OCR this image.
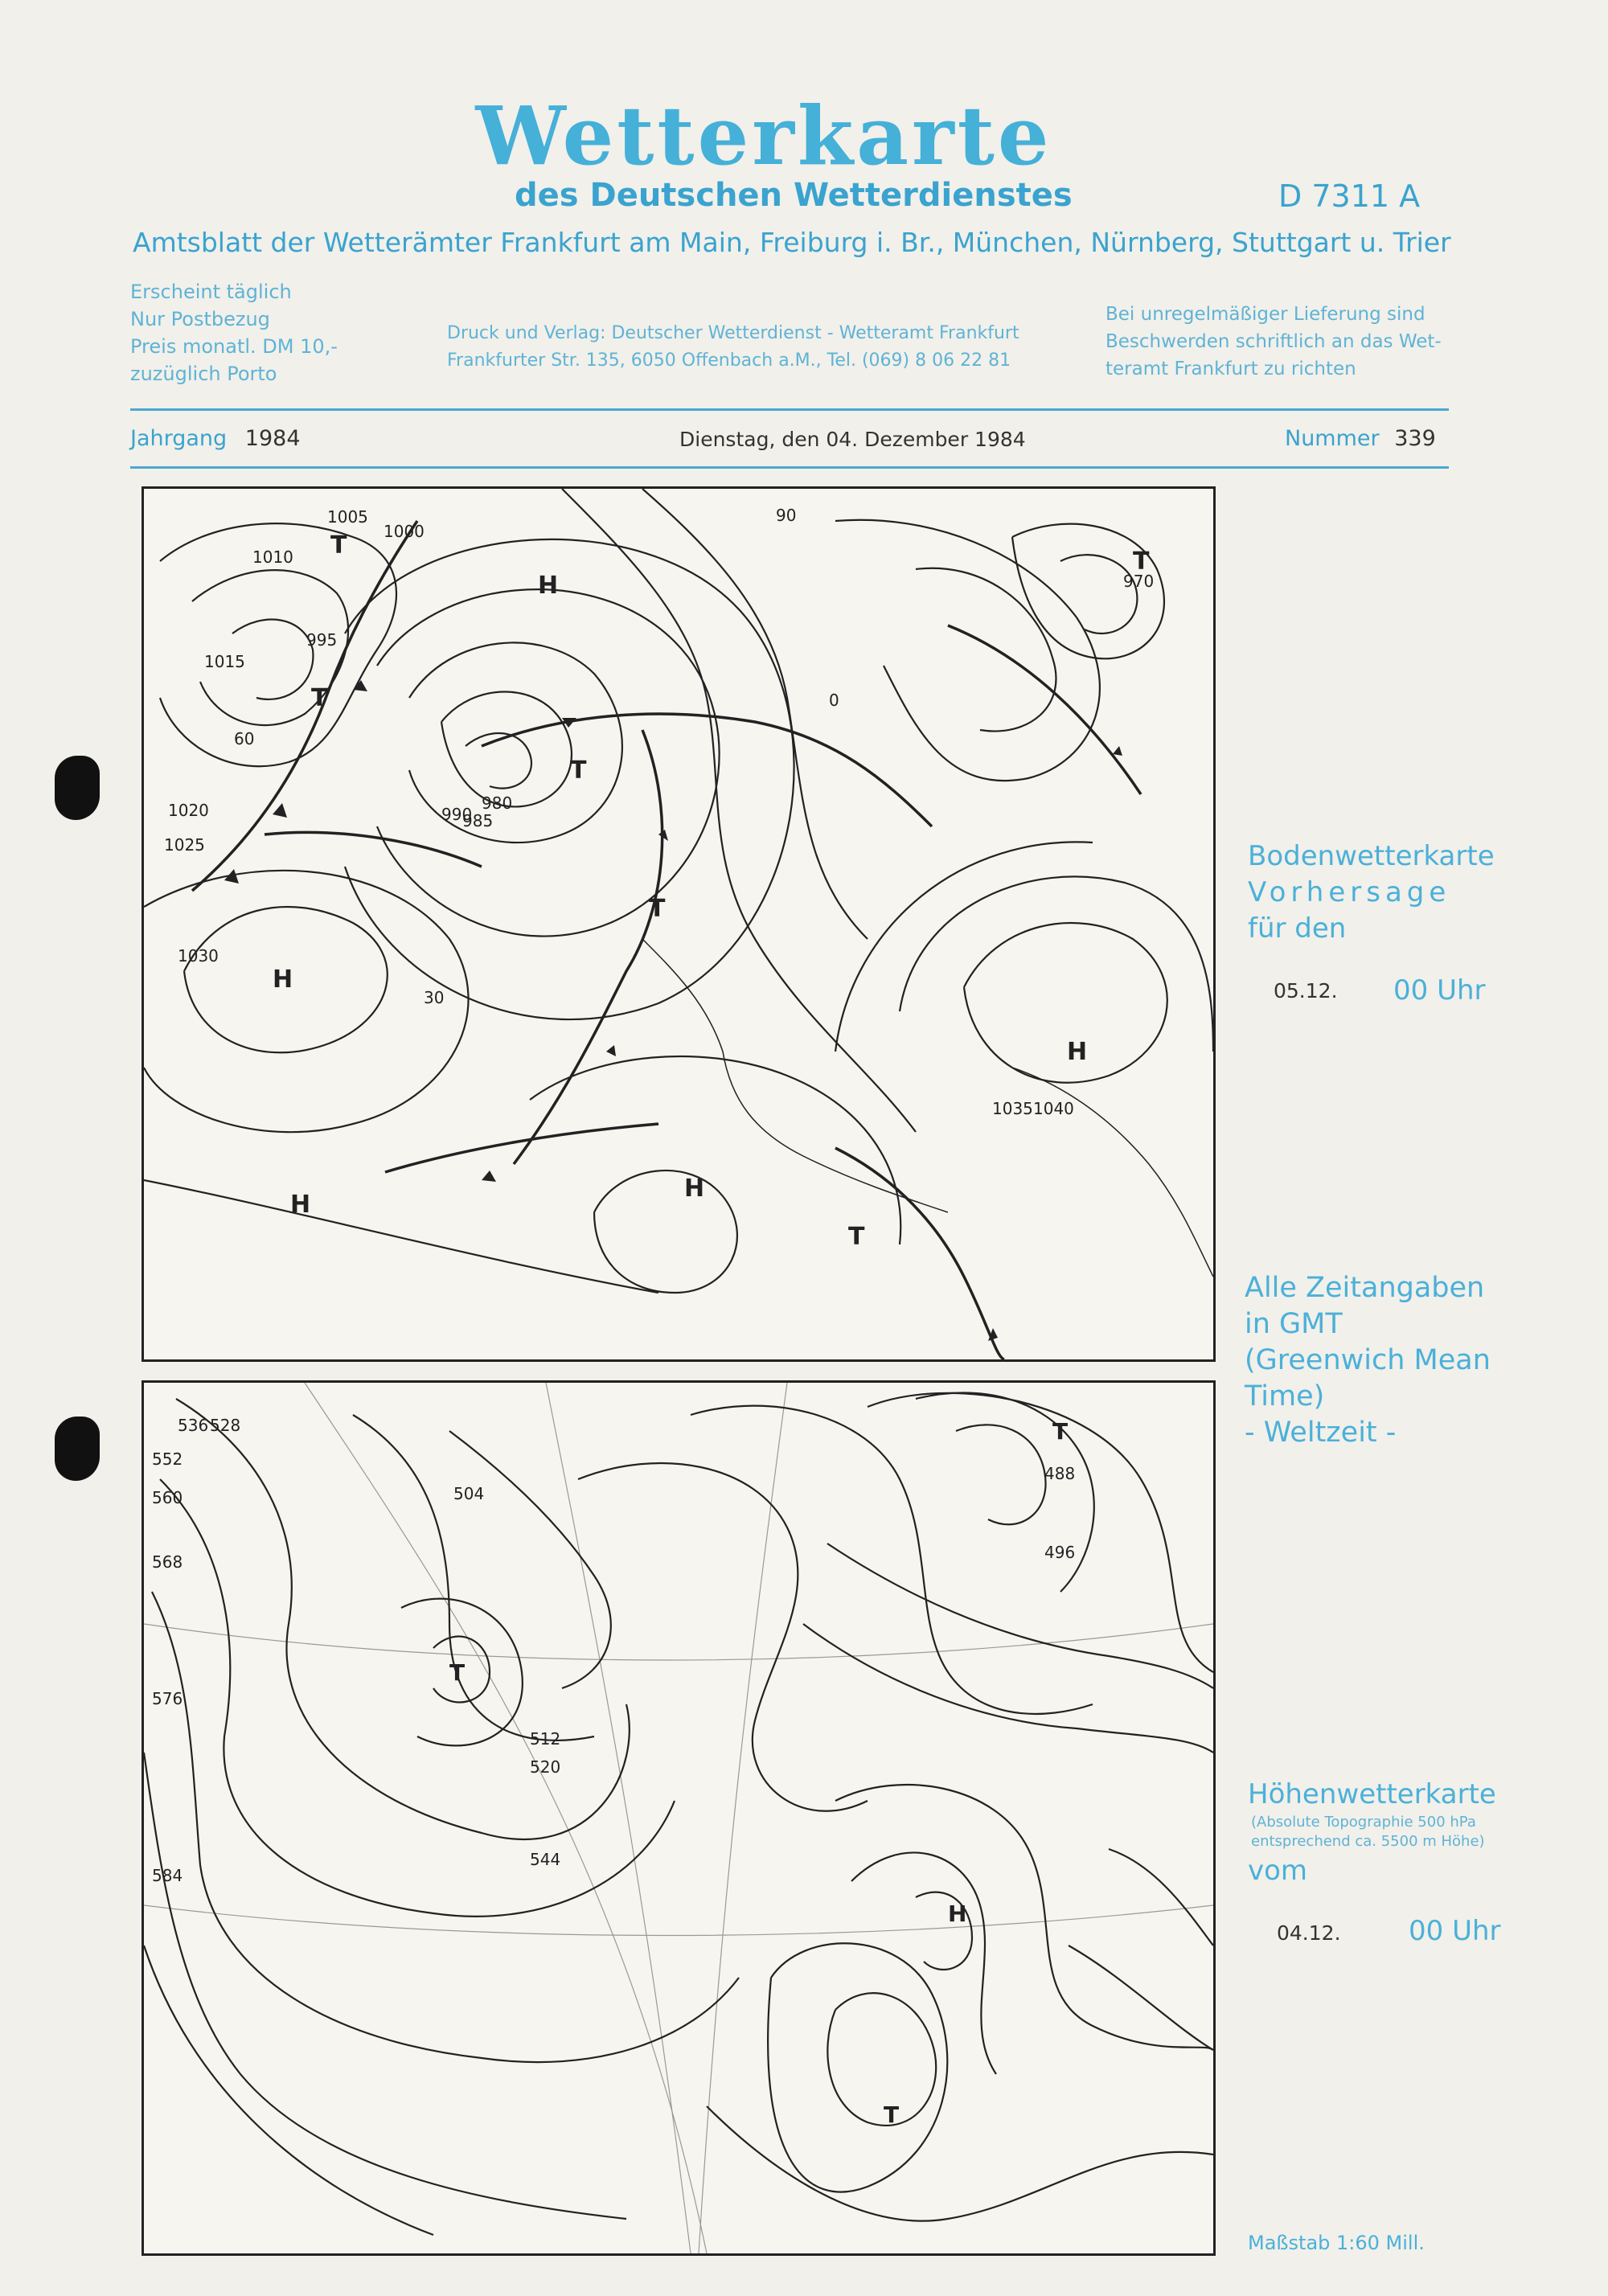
Wetterkarte
des Deutschen Wetterdienstes	D 7311 A
Amtsblatt der Wetterämter Frankfurt am Main, Freiburg i. Br., München, Nürnberg, Stuttgart u. Trier
Erscheint täglich
Nur Postbezug
Preis monatl. DM 10,-
zuzüglich Porto
Druck und Verlag: Deutscher Wetterdienst - Wetteramt Frankfurt
Frankfurter Str. 135, 6050 Offenbach a.M., Tel. (069) 8 06 22 81
Bei unregelmäßiger Lieferung sind
Beschwerden schriftlich an das Wet-
teramt Frankfurt zu richten
Jahrgang 1984	Dienstag, den 04. Dezember 1984	Nummer 339
1005
1000
1010
1015
995
1020
1025
1030
990
985
980
970
1035 1040
30
60
90
0
H
H
H
H
H
T
T
T
T
T
T
Bodenwetterkarte
Vorhersage
für den
05.12. 00 Uhr
Alle Zeitangaben
in GMT
(Greenwich Mean
Time)
- Weltzeit -
536 528
552
560
568
576
584
504
512
520
544
488
496
H
T
T
T
Höhenwetterkarte
(Absolute Topographie 500 hPa
entsprechend ca. 5500 m Höhe)
vom
04.12. 00 Uhr
Maßstab 1:60 Mill.
